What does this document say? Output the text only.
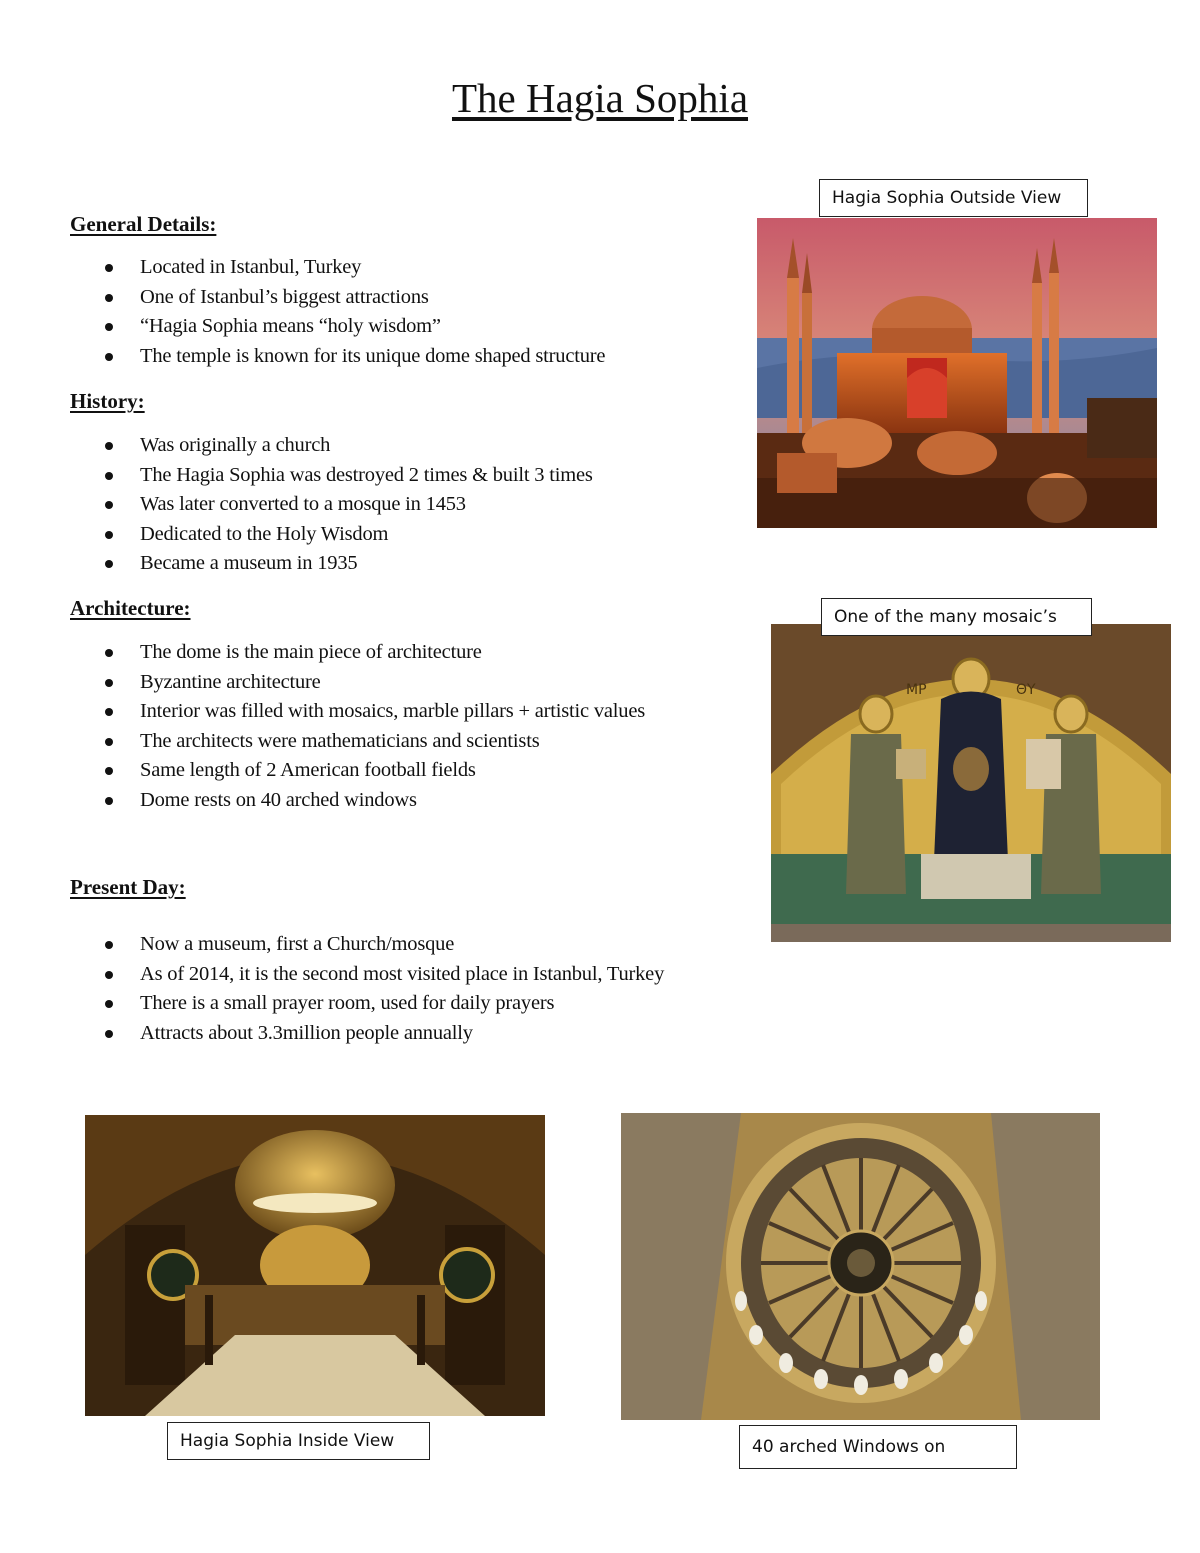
The Hagia Sophia
General Details:
Located in Istanbul, Turkey
One of Istanbul’s biggest attractions
“Hagia Sophia means “holy wisdom”
The temple is known for its unique dome shaped structure
History:
Was originally a church
The Hagia Sophia was destroyed 2 times & built 3 times
Was later converted to a mosque in 1453
Dedicated to the Holy Wisdom
Became a museum in 1935
Architecture:
The dome is the main piece of architecture
Byzantine architecture
Interior was filled with mosaics, marble pillars + artistic values
The architects were mathematicians and scientists
Same length of 2 American football fields
Dome rests on 40 arched windows
Present Day:
Now a museum, first a Church/mosque
As of 2014, it is the second most visited place in Istanbul, Turkey
There is a small prayer room, used for daily prayers
Attracts about 3.3million people annually
Hagia Sophia Outside View
ΜΡ	ΘΥ
One of the many mosaic’s
Hagia Sophia Inside View	40 arched Windows on
